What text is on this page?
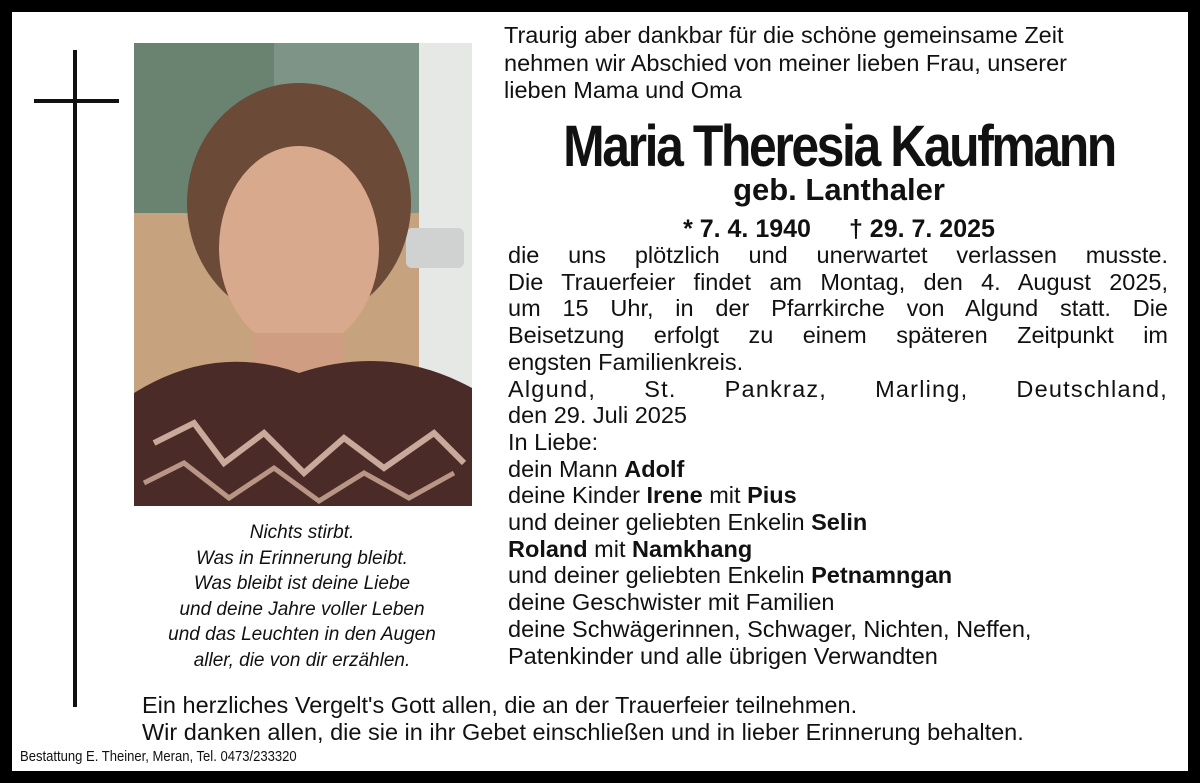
Nichts stirbt.
Was in Erinnerung bleibt.
Was bleibt ist deine Liebe
und deine Jahre voller Leben
und das Leuchten in den Augen
aller, die von dir erzählen.
Traurig aber dankbar für die schöne gemeinsame Zeit
nehmen wir Abschied von meiner lieben Frau, unserer
lieben Mama und Oma
Maria Theresia Kaufmann
geb. Lanthaler
* 7. 4. 1940 † 29. 7. 2025
die uns plötzlich und unerwartet verlassen musste.
Die Trauerfeier findet am Montag, den 4. August 2025,
um 15 Uhr, in der Pfarrkirche von Algund statt. Die
Beisetzung erfolgt zu einem späteren Zeitpunkt im
engsten Familienkreis.
Algund, St. Pankraz, Marling, Deutschland,
den 29. Juli 2025
In Liebe:
dein Mann Adolf
deine Kinder Irene mit Pius
und deiner geliebten Enkelin Selin
Roland mit Namkhang
und deiner geliebten Enkelin Petnamngan
deine Geschwister mit Familien
deine Schwägerinnen, Schwager, Nichten, Neffen,
Patenkinder und alle übrigen Verwandten
Ein herzliches Vergelt's Gott allen, die an der Trauerfeier teilnehmen.
Wir danken allen, die sie in ihr Gebet einschließen und in lieber Erinnerung behalten.
Bestattung E. Theiner, Meran, Tel. 0473/233320
